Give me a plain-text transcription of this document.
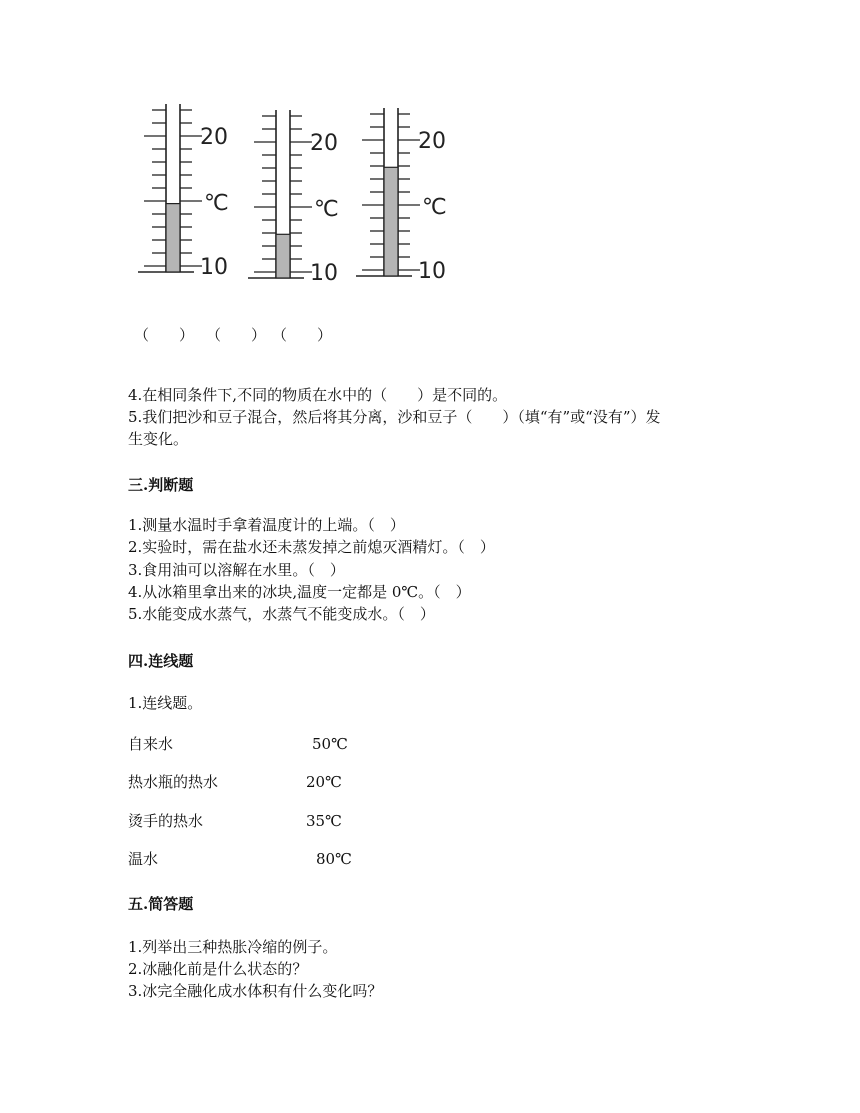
20
℃
10
20
℃
10
20
℃
10
（　　） （　　） （　　）
4.在相同条件下,不同的物质在水中的（　　）是不同的。
5.我们把沙和豆子混合，然后将其分离，沙和豆子（　　）（填“有”或“没有”）发
生变化。
三.判断题
1.测量水温时手拿着温度计的上端。（　）
2.实验时，需在盐水还未蒸发掉之前熄灭酒精灯。（　）
3.食用油可以溶解在水里。（　）
4.从冰箱里拿出来的冰块,温度一定都是 0℃。（　）
5.水能变成水蒸气，水蒸气不能变成水。（　）
四.连线题
1.连线题。
自来水	50℃
热水瓶的热水	20℃
烫手的热水	35℃
温水	80℃
五.简答题
1.列举出三种热胀冷缩的例子。
2.冰融化前是什么状态的？
3.冰完全融化成水体积有什么变化吗？
